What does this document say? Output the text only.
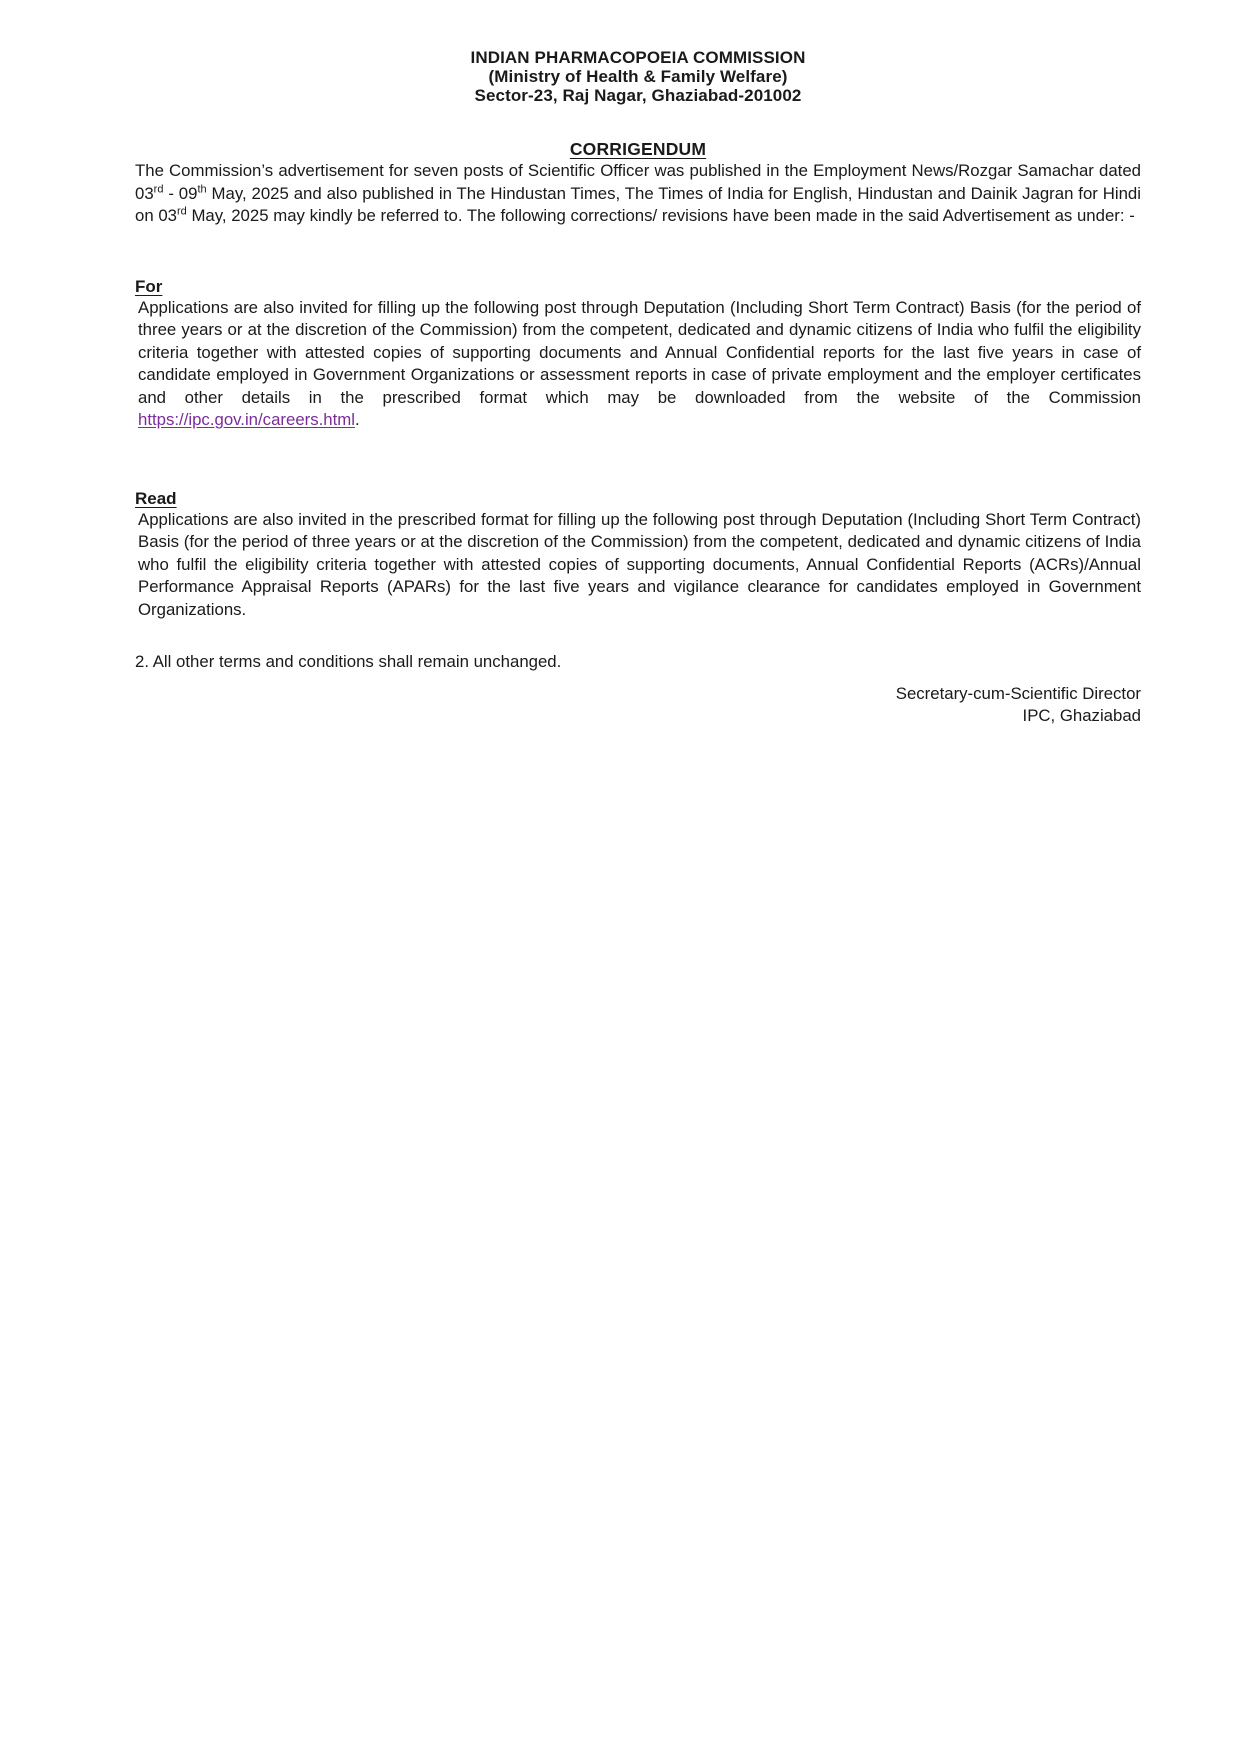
INDIAN PHARMACOPOEIA COMMISSION
(Ministry of Health & Family Welfare)
Sector-23, Raj Nagar, Ghaziabad-201002
CORRIGENDUM

The Commission’s advertisement for seven posts of Scientific Officer was published in the Employment News/Rozgar Samachar dated 03rd - 09th May, 2025 and also published in The Hindustan Times, The Times of India for English, Hindustan and Dainik Jagran for Hindi on 03rd May, 2025 may kindly be referred to. The following corrections/ revisions have been made in the said Advertisement as under: -

For

Applications are also invited for filling up the following post through Deputation (Including Short Term Contract) Basis (for the period of three years or at the discretion of the Commission) from the competent, dedicated and dynamic citizens of India who fulfil the eligibility criteria together with attested copies of supporting documents and Annual Confidential reports for the last five years in case of candidate employed in Government Organizations or assessment reports in case of private employment and the employer certificates and other details in the prescribed format which may be downloaded from the website of the Commission https://ipc.gov.in/careers.html.

Read

Applications are also invited in the prescribed format for filling up the following post through Deputation (Including Short Term Contract) Basis (for the period of three years or at the discretion of the Commission) from the competent, dedicated and dynamic citizens of India who fulfil the eligibility criteria together with attested copies of supporting documents, Annual Confidential Reports (ACRs)/Annual Performance Appraisal Reports (APARs) for the last five years and vigilance clearance for candidates employed in Government Organizations.

2. All other terms and conditions shall remain unchanged.

Secretary-cum-Scientific Director
IPC, Ghaziabad
